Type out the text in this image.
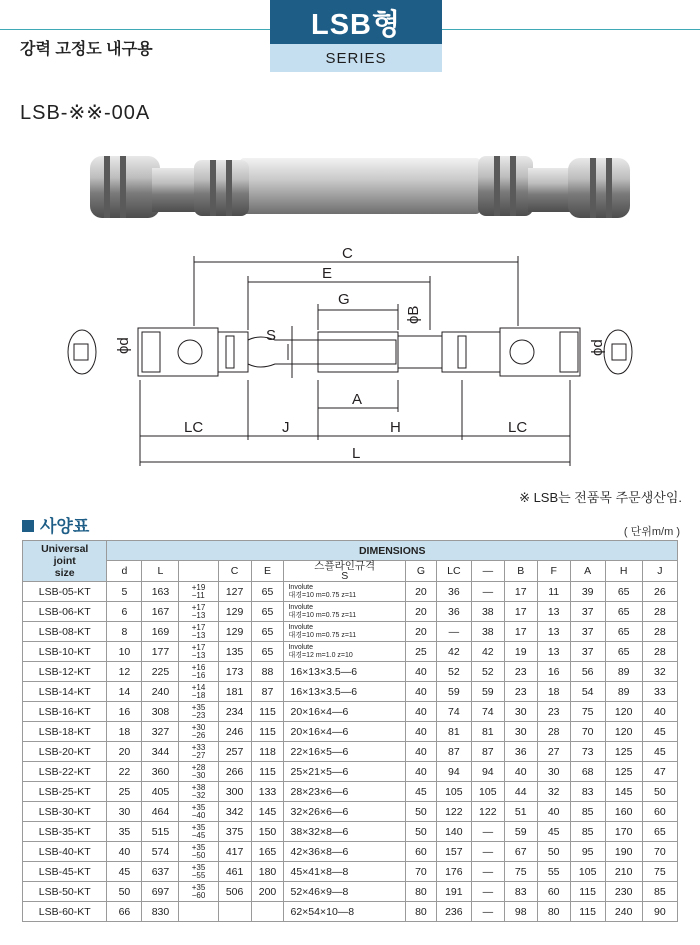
LSB형
SERIES
강력 고정도 내구용
LSB-※※-00A
C
E
G
ϕB
S
ϕd	ϕd
A
LC	J	H	LC
L
※ LSB는 전품목 주문생산임.
사양표	( 단위m/m )
Universal
joint
size	DIMENSIONS													
	d	L		C	E	스플라인규격
S	G	LC	—	B	F	A	H	J
LSB-05-KT	5	163	+19
−11	127	65	Involute
대경=10 m=0.75 z=11	20	36	—	17	11	39	65	26
LSB-06-KT	6	167	+17
−13	129	65	Involute
대경=10 m=0.75 z=11	20	36	38	17	13	37	65	28
LSB-08-KT	8	169	+17
−13	129	65	Involute
대경=10 m=0.75 z=11	20	—	38	17	13	37	65	28
LSB-10-KT	10	177	+17
−13	135	65	Involute
대경=12 m=1.0 z=10	25	42	42	19	13	37	65	28
LSB-12-KT	12	225	+16
−16	173	88	16×13×3.5—6	40	52	52	23	16	56	89	32
LSB-14-KT	14	240	+14
−18	181	87	16×13×3.5—6	40	59	59	23	18	54	89	33
LSB-16-KT	16	308	+35
−23	234	115	20×16×4—6	40	74	74	30	23	75	120	40
LSB-18-KT	18	327	+30
−26	246	115	20×16×4—6	40	81	81	30	28	70	120	45
LSB-20-KT	20	344	+33
−27	257	118	22×16×5—6	40	87	87	36	27	73	125	45
LSB-22-KT	22	360	+28
−30	266	115	25×21×5—6	40	94	94	40	30	68	125	47
LSB-25-KT	25	405	+38
−32	300	133	28×23×6—6	45	105	105	44	32	83	145	50
LSB-30-KT	30	464	+35
−40	342	145	32×26×6—6	50	122	122	51	40	85	160	60
LSB-35-KT	35	515	+35
−45	375	150	38×32×8—6	50	140	—	59	45	85	170	65
LSB-40-KT	40	574	+35
−50	417	165	42×36×8—6	60	157	—	67	50	95	190	70
LSB-45-KT	45	637	+35
−55	461	180	45×41×8—8	70	176	—	75	55	105	210	75
LSB-50-KT	50	697	+35
−60	506	200	52×46×9—8	80	191	—	83	60	115	230	85
LSB-60-KT	66	830				62×54×10—8	80	236	—	98	80	115	240	90
